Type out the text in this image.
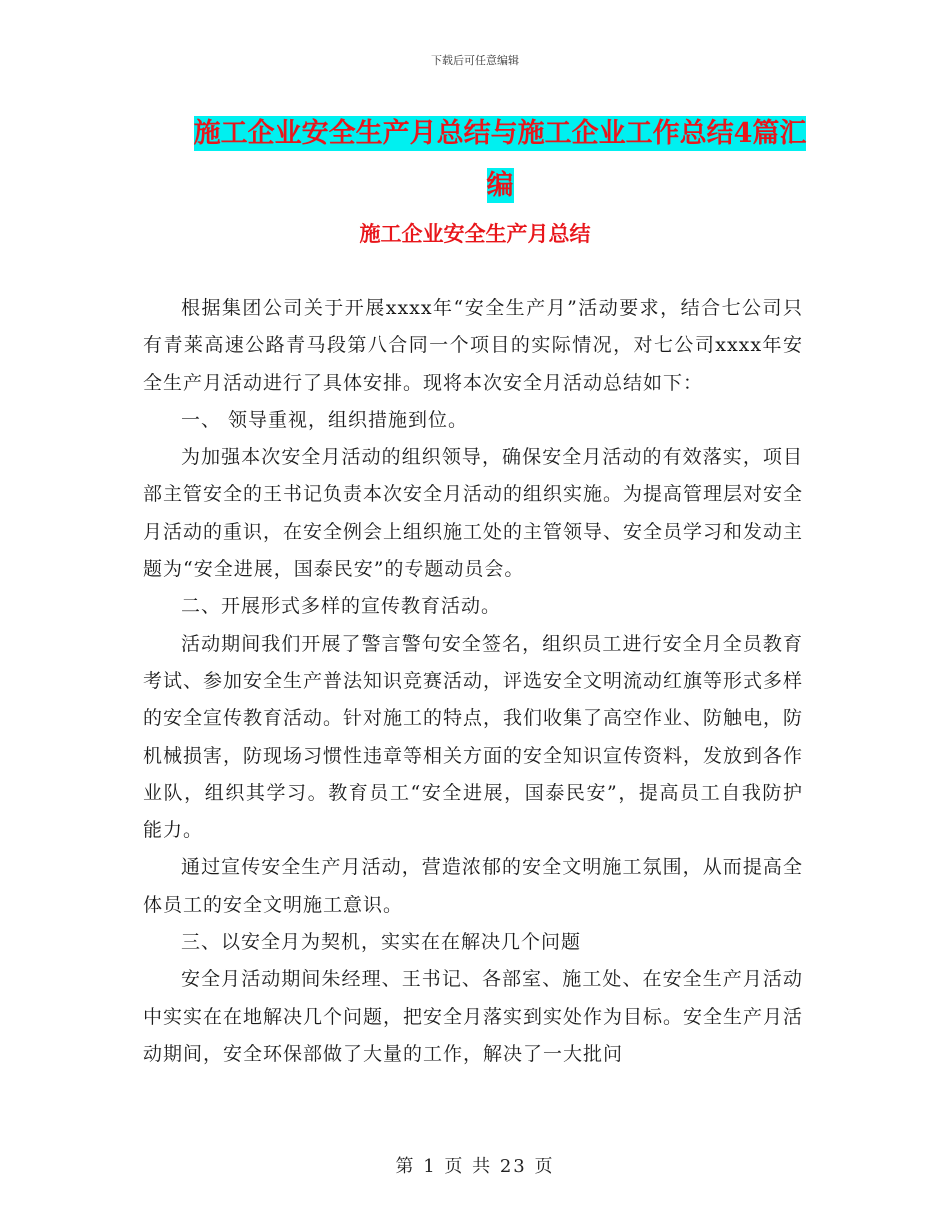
下载后可任意编辑
施工企业安全生产月总结与施工企业工作总结4篇汇编
施工企业安全生产月总结

根据集团公司关于开展xxxx年“安全生产月”活动要求，结合七公司只有青莱高速公路青马段第八合同一个项目的实际情况，对七公司xxxx年安全生产月活动进行了具体安排。现将本次安全月活动总结如下：

一、 领导重视，组织措施到位。

为加强本次安全月活动的组织领导，确保安全月活动的有效落实，项目部主管安全的王书记负责本次安全月活动的组织实施。为提高管理层对安全月活动的重识，在安全例会上组织施工处的主管领导、安全员学习和发动主题为“安全进展，国泰民安”的专题动员会。

二、开展形式多样的宣传教育活动。

活动期间我们开展了警言警句安全签名，组织员工进行安全月全员教育考试、参加安全生产普法知识竞赛活动，评选安全文明流动红旗等形式多样的安全宣传教育活动。针对施工的特点，我们收集了高空作业、防触电，防机械损害，防现场习惯性违章等相关方面的安全知识宣传资料，发放到各作业队，组织其学习。教育员工“安全进展，国泰民安”，提高员工自我防护能力。

通过宣传安全生产月活动，营造浓郁的安全文明施工氛围，从而提高全体员工的安全文明施工意识。

三、以安全月为契机，实实在在解决几个问题

安全月活动期间朱经理、王书记、各部室、施工处、在安全生产月活动中实实在在地解决几个问题，把安全月落实到实处作为目标。安全生产月活动期间，安全环保部做了大量的工作，解决了一大批问

第 1 页 共 23 页
